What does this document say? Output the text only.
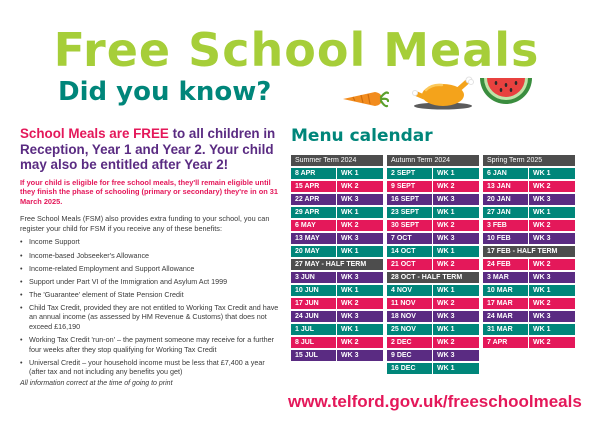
Free School Meals
Did you know?

School Meals are FREE to all children in Reception, Year 1 and Year 2. Your child may also be entitled after Year 2!

If your child is eligible for free school meals, they'll remain eligible until they finish the phase of schooling (primary or secondary) they're in on 31 March 2025.

Free School Meals (FSM) also provides extra funding to your school, you can register your child for FSM if you receive any of these benefits:

• Income Support
• Income-based Jobseeker's Allowance
• Income-related Employment and Support Allowance
• Support under Part VI of the Immigration and Asylum Act 1999
• The 'Guarantee' element of State Pension Credit
• Child Tax Credit, provided they are not entitled to Working Tax Credit and have an annual income (as assessed by HM Revenue & Customs) that does not exceed £16,190
• Working Tax Credit 'run-on' – the payment someone may receive for a further four weeks after they stop qualifying for Working Tax Credit
• Universal Credit – your household income must be less that £7,400 a year (after tax and not including any benefits you get)

All information correct at the time of going to print

Menu calendar
Summer Term 2024
8 APR	WK 1
15 APR	WK 2
22 APR	WK 3
29 APR	WK 1
6 MAY	WK 2
13 MAY	WK 3
20 MAY	WK 1
27 MAY - HALF TERM
3 JUN	WK 3
10 JUN	WK 1
17 JUN	WK 2
24 JUN	WK 3
1 JUL	WK 1
8 JUL	WK 2
15 JUL	WK 3
Autumn Term 2024
2 SEPT	WK 1
9 SEPT	WK 2
16 SEPT	WK 3
23 SEPT	WK 1
30 SEPT	WK 2
7 OCT	WK 3
14 OCT	WK 1
21 OCT	WK 2
28 OCT - HALF TERM
4 NOV	WK 1
11 NOV	WK 2
18 NOV	WK 3
25 NOV	WK 1
2 DEC	WK 2
9 DEC	WK 3
16 DEC	WK 1
Spring Term 2025
6 JAN	WK 1
13 JAN	WK 2
20 JAN	WK 3
27 JAN	WK 1
3 FEB	WK 2
10 FEB	WK 3
17 FEB - HALF TERM
24 FEB	WK 2
3 MAR	WK 3
10 MAR	WK 1
17 MAR	WK 2
24 MAR	WK 3
31 MAR	WK 1
7 APR	WK 2
www.telford.gov.uk/freeschoolmeals
